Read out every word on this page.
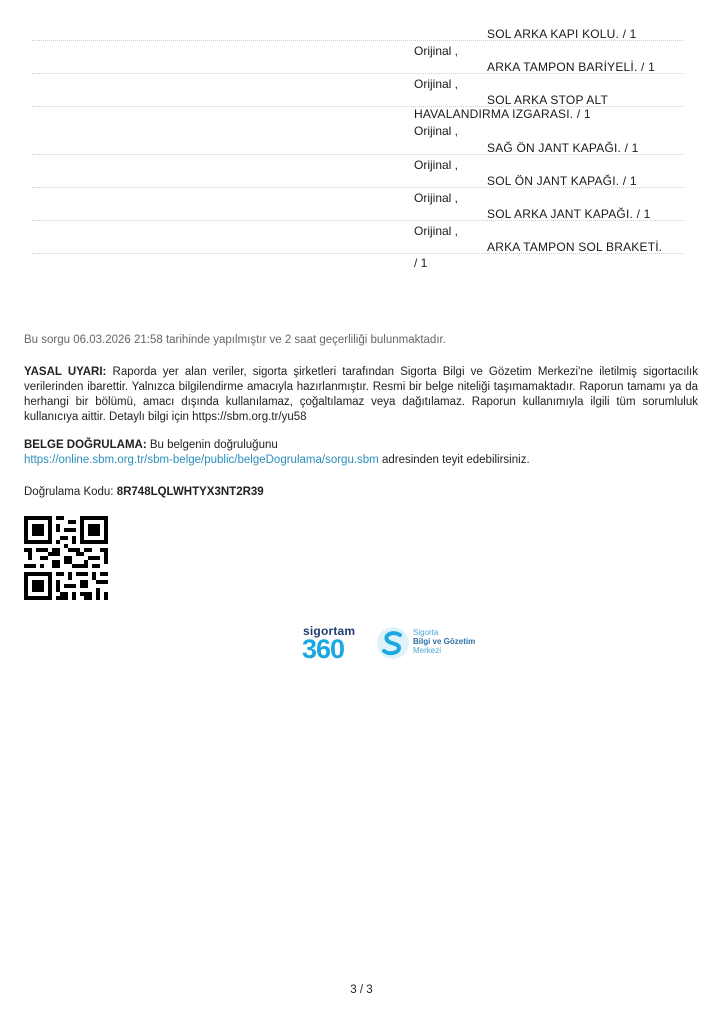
SOL ARKA KAPI KOLU. / 1
Orijinal ,
ARKA TAMPON BARİYELİ. / 1
Orijinal ,
SOL ARKA STOP ALT
HAVALANDIRMA IZGARASI. / 1
Orijinal ,
SAĞ ÖN JANT KAPAĞI. / 1
Orijinal ,
SOL ÖN JANT KAPAĞI. / 1
Orijinal ,
SOL ARKA JANT KAPAĞI. / 1
Orijinal ,
ARKA TAMPON SOL BRAKETİ.
/ 1
Bu sorgu 06.03.2026 21:58 tarihinde yapılmıştır ve 2 saat geçerliliği bulunmaktadır.
YASAL UYARI: Raporda yer alan veriler, sigorta şirketleri tarafından Sigorta Bilgi ve Gözetim Merkezi'ne iletilmiş sigortacılık verilerinden ibarettir. Yalnızca bilgilendirme amacıyla hazırlanmıştır. Resmi bir belge niteliği taşımamaktadır. Raporun tamamı ya da herhangi bir bölümü, amacı dışında kullanılamaz, çoğaltılamaz veya dağıtılamaz. Raporun kullanımıyla ilgili tüm sorumluluk kullanıcıya aittir. Detaylı bilgi için https://sbm.org.tr/yu58
BELGE DOĞRULAMA: Bu belgenin doğruluğunu
https://online.sbm.org.tr/sbm-belge/public/belgeDogrulama/sorgu.sbm adresinden teyit edebilirsiniz.
Doğrulama Kodu: 8R748LQLWHTYX3NT2R39
sigortam
360
Sigorta
Bilgi ve Gözetim
Merkezi
3 / 3
